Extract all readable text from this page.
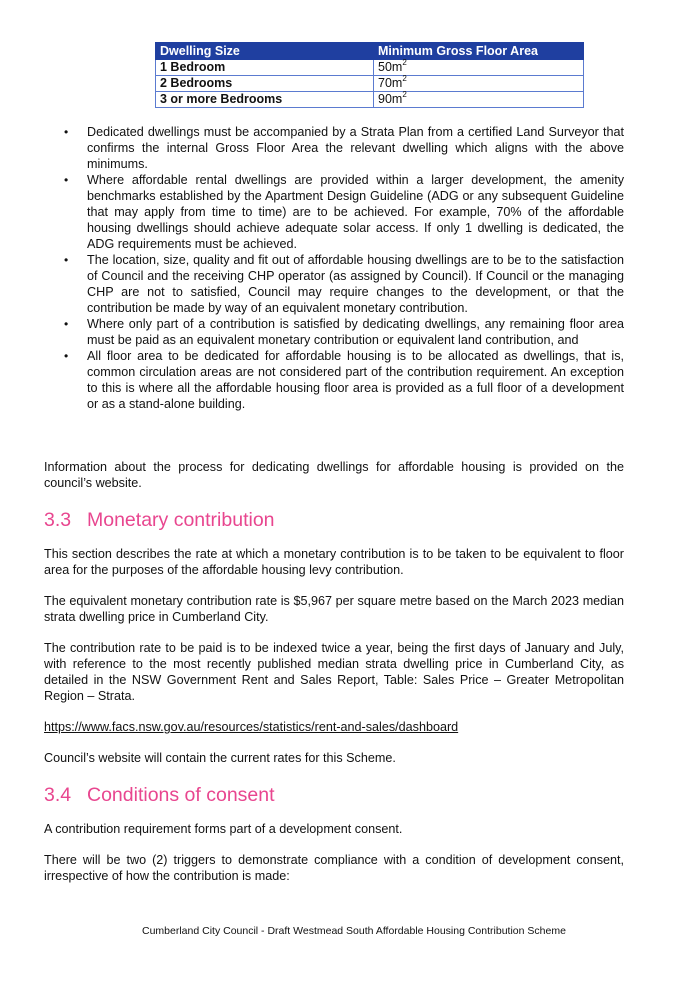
Dwelling Size	Minimum Gross Floor Area
1 Bedroom	$50m^2$
2 Bedrooms	$70m^2$
3 or more Bedrooms	$90m^2$
• Dedicated dwellings must be accompanied by a Strata Plan from a certified Land Surveyor that confirms the internal Gross Floor Area the relevant dwelling which aligns with the above minimums.
• Where affordable rental dwellings are provided within a larger development, the amenity benchmarks established by the Apartment Design Guideline (ADG or any subsequent Guideline that may apply from time to time) are to be achieved. For example, 70% of the affordable housing dwellings should achieve adequate solar access. If only 1 dwelling is dedicated, the ADG requirements must be achieved.
• The location, size, quality and fit out of affordable housing dwellings are to be to the satisfaction of Council and the receiving CHP operator (as assigned by Council). If Council or the managing CHP are not to satisfied, Council may require changes to the development, or that the contribution be made by way of an equivalent monetary contribution.
• Where only part of a contribution is satisfied by dedicating dwellings, any remaining floor area must be paid as an equivalent monetary contribution or equivalent land contribution, and
• All floor area to be dedicated for affordable housing is to be allocated as dwellings, that is, common circulation areas are not considered part of the contribution requirement. An exception to this is where all the affordable housing floor area is provided as a full floor of a development or as a stand-alone building.

Information about the process for dedicating dwellings for affordable housing is provided on the council’s website.

3.3 Monetary contribution

This section describes the rate at which a monetary contribution is to be taken to be equivalent to floor area for the purposes of the affordable housing levy contribution.

The equivalent monetary contribution rate is $5,967 per square metre based on the March 2023 median strata dwelling price in Cumberland City.

The contribution rate to be paid is to be indexed twice a year, being the first days of January and July, with reference to the most recently published median strata dwelling price in Cumberland City, as detailed in the NSW Government Rent and Sales Report, Table: Sales Price – Greater Metropolitan Region – Strata.

https://www.facs.nsw.gov.au/resources/statistics/rent-and-sales/dashboard

Council’s website will contain the current rates for this Scheme.

3.4 Conditions of consent

A contribution requirement forms part of a development consent.

There will be two (2) triggers to demonstrate compliance with a condition of development consent, irrespective of how the contribution is made:

Cumberland City Council - Draft Westmead South Affordable Housing Contribution Scheme
